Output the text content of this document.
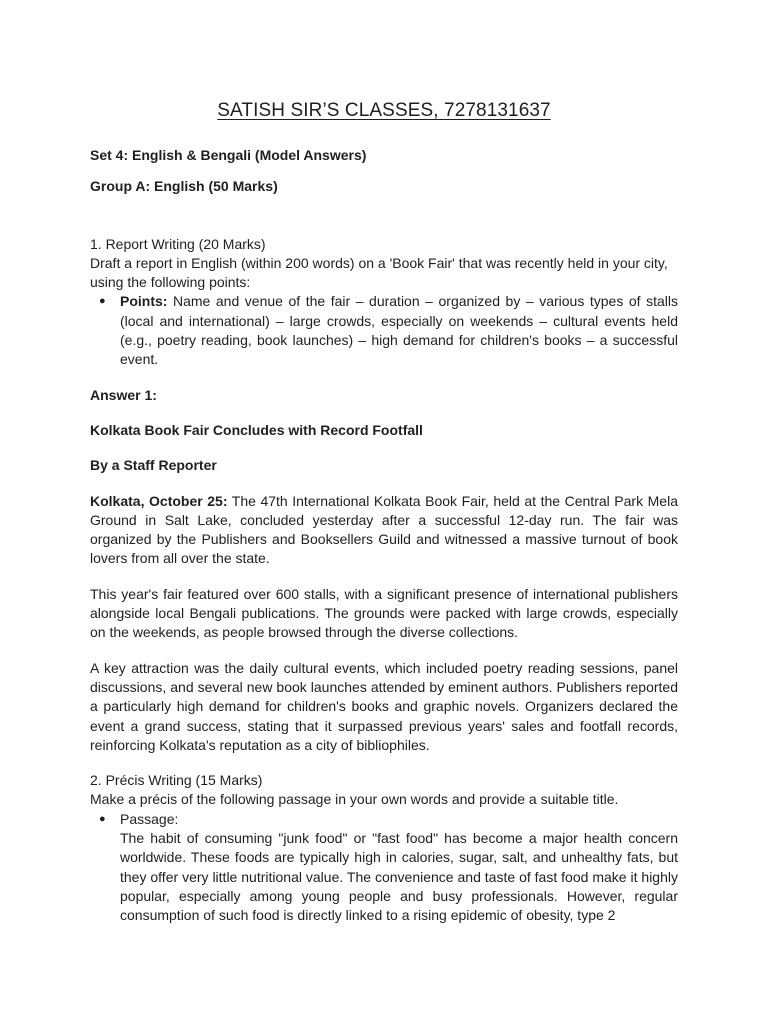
SATISH SIR’S CLASSES, 7278131637

Set 4: English & Bengali (Model Answers)

Group A: English (50 Marks)

1. Report Writing (20 Marks)

Draft a report in English (within 200 words) on a 'Book Fair' that was recently held in your city, using the following points:

● Points: Name and venue of the fair – duration – organized by – various types of stalls (local and international) – large crowds, especially on weekends – cultural events held (e.g., poetry reading, book launches) – high demand for children's books – a successful event.

Answer 1:

Kolkata Book Fair Concludes with Record Footfall

By a Staff Reporter

Kolkata, October 25: The 47th International Kolkata Book Fair, held at the Central Park Mela Ground in Salt Lake, concluded yesterday after a successful 12-day run. The fair was organized by the Publishers and Booksellers Guild and witnessed a massive turnout of book lovers from all over the state.

This year's fair featured over 600 stalls, with a significant presence of international publishers alongside local Bengali publications. The grounds were packed with large crowds, especially on the weekends, as people browsed through the diverse collections.

A key attraction was the daily cultural events, which included poetry reading sessions, panel discussions, and several new book launches attended by eminent authors. Publishers reported a particularly high demand for children's books and graphic novels. Organizers declared the event a grand success, stating that it surpassed previous years' sales and footfall records, reinforcing Kolkata's reputation as a city of bibliophiles.

2. Précis Writing (15 Marks)

Make a précis of the following passage in your own words and provide a suitable title.

● Passage:

The habit of consuming "junk food" or "fast food" has become a major health concern worldwide. These foods are typically high in calories, sugar, salt, and unhealthy fats, but they offer very little nutritional value. The convenience and taste of fast food make it highly popular, especially among young people and busy professionals. However, regular consumption of such food is directly linked to a rising epidemic of obesity, type 2
